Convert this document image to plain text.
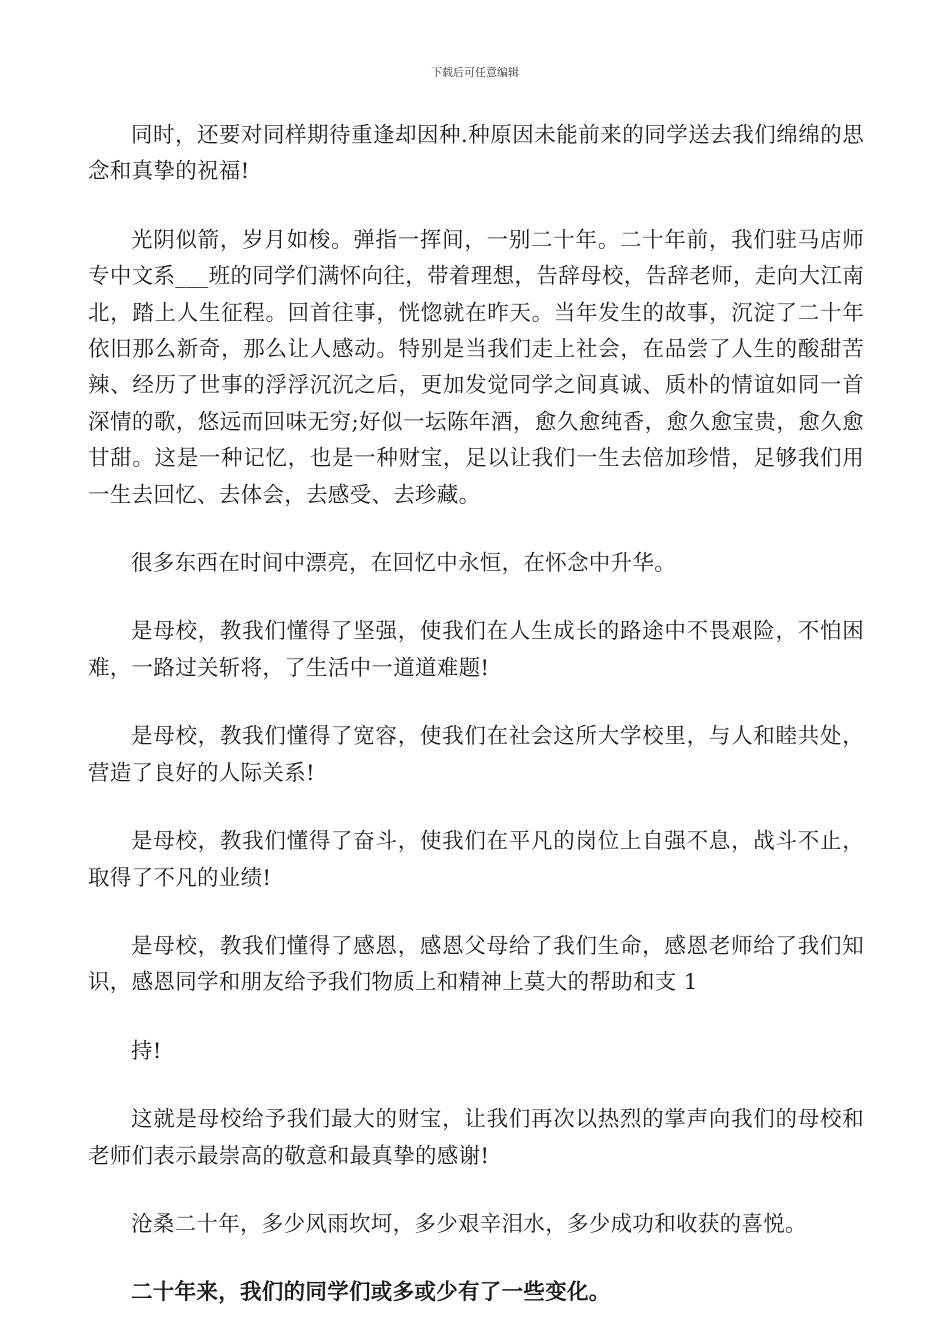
下载后可任意编辑

同时，还要对同样期待重逢却因种.种原因未能前来的同学送去我们绵绵的思念和真挚的祝福!

光阴似箭，岁月如梭。弹指一挥间，一别二十年。二十年前，我们驻马店师专中文系___班的同学们满怀向往，带着理想，告辞母校，告辞老师，走向大江南北，踏上人生征程。回首往事，恍惚就在昨天。当年发生的故事，沉淀了二十年依旧那么新奇，那么让人感动。特别是当我们走上社会，在品尝了人生的酸甜苦辣、经历了世事的浮浮沉沉之后，更加发觉同学之间真诚、质朴的情谊如同一首深情的歌，悠远而回味无穷;好似一坛陈年酒，愈久愈纯香，愈久愈宝贵，愈久愈甘甜。这是一种记忆，也是一种财宝，足以让我们一生去倍加珍惜，足够我们用一生去回忆、去体会，去感受、去珍藏。

很多东西在时间中漂亮，在回忆中永恒，在怀念中升华。

是母校，教我们懂得了坚强，使我们在人生成长的路途中不畏艰险，不怕困难，一路过关斩将，了生活中一道道难题!

是母校，教我们懂得了宽容，使我们在社会这所大学校里，与人和睦共处，营造了良好的人际关系!

是母校，教我们懂得了奋斗，使我们在平凡的岗位上自强不息，战斗不止，取得了不凡的业绩!

是母校，教我们懂得了感恩，感恩父母给了我们生命，感恩老师给了我们知识，感恩同学和朋友给予我们物质上和精神上莫大的帮助和支 1

持!

这就是母校给予我们最大的财宝，让我们再次以热烈的掌声向我们的母校和老师们表示最崇高的敬意和最真挚的感谢!

沧桑二十年，多少风雨坎坷，多少艰辛泪水，多少成功和收获的喜悦。

二十年来，我们的同学们或多或少有了一些变化。
